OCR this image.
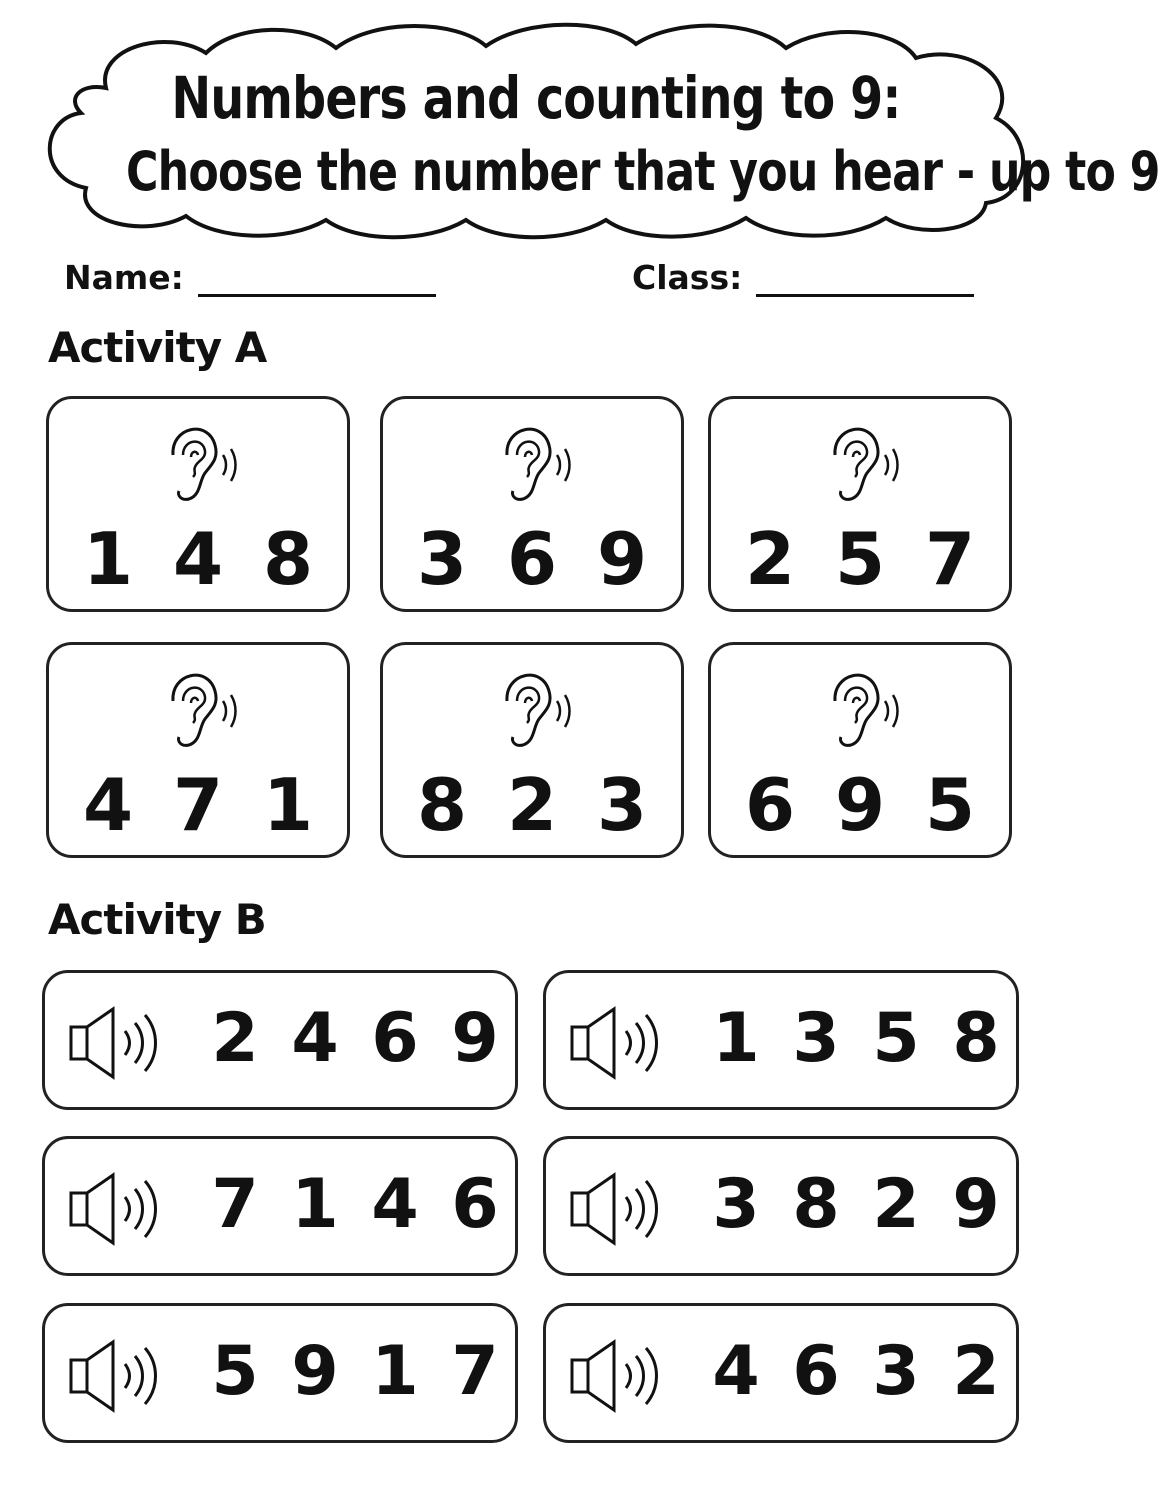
Numbers and counting to 9:
Choose the number that you hear - up to 9
Name:	Class:
Activity A
1 4 8 3 6 9 2 5 7
4 7 1 8 2 3 6 9 5
Activity B
2 4 6 9	1 3 5 8
7 1 4 6	3 8 2 9
5 9 1 7	4 6 3 2
